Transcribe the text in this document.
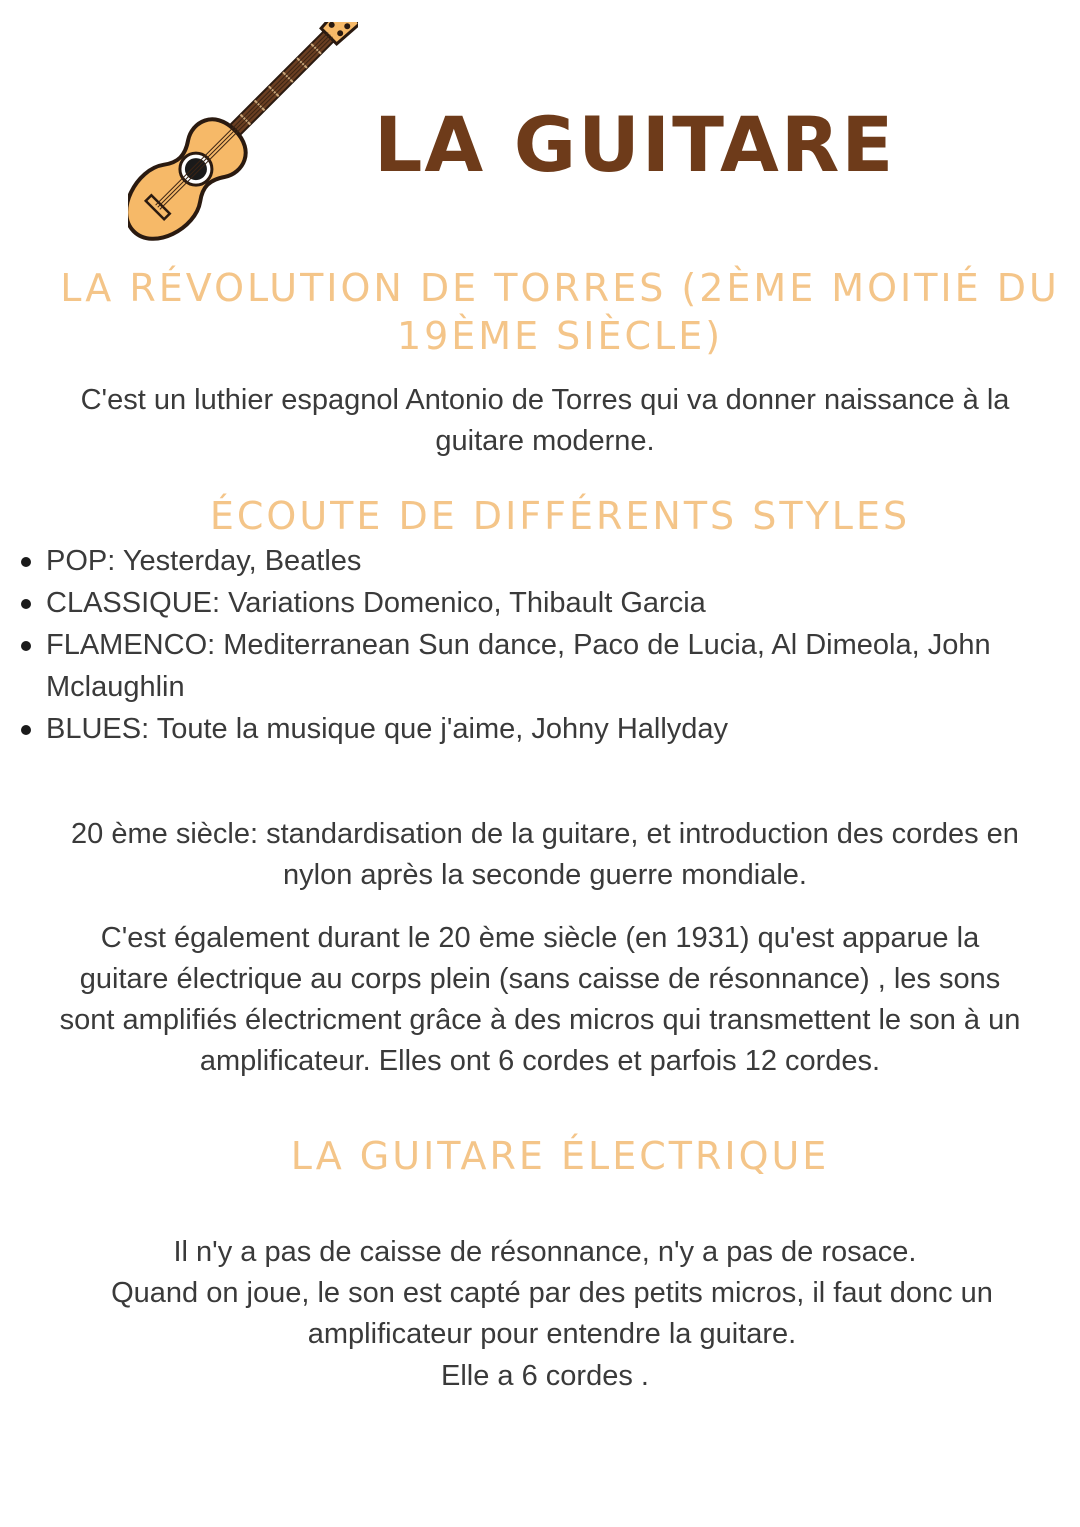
LA GUITARE
LA RÉVOLUTION DE TORRES (2ÈME MOITIÉ DU 19ÈME SIÈCLE)

C'est un luthier espagnol Antonio de Torres qui va donner naissance à la guitare moderne.

ÉCOUTE DE DIFFÉRENTS STYLES
POP: Yesterday, Beatles
CLASSIQUE: Variations Domenico, Thibault Garcia
FLAMENCO: Mediterranean Sun dance, Paco de Lucia, Al Dimeola, John Mclaughlin
BLUES: Toute la musique que j'aime, Johny Hallyday

20 ème siècle: standardisation de la guitare, et introduction des cordes en nylon après la seconde guerre mondiale.

C'est également durant le 20 ème siècle (en 1931) qu'est apparue la guitare électrique au corps plein (sans caisse de résonnance) , les sons sont amplifiés électricment grâce à des micros qui transmettent le son à un amplificateur. Elles ont 6 cordes et parfois 12 cordes.

LA GUITARE ÉLECTRIQUE

Il n'y a pas de caisse de résonnance, n'y a pas de rosace.

Quand on joue, le son est capté par des petits micros, il faut donc un amplificateur pour entendre la guitare.

Elle a 6 cordes .
